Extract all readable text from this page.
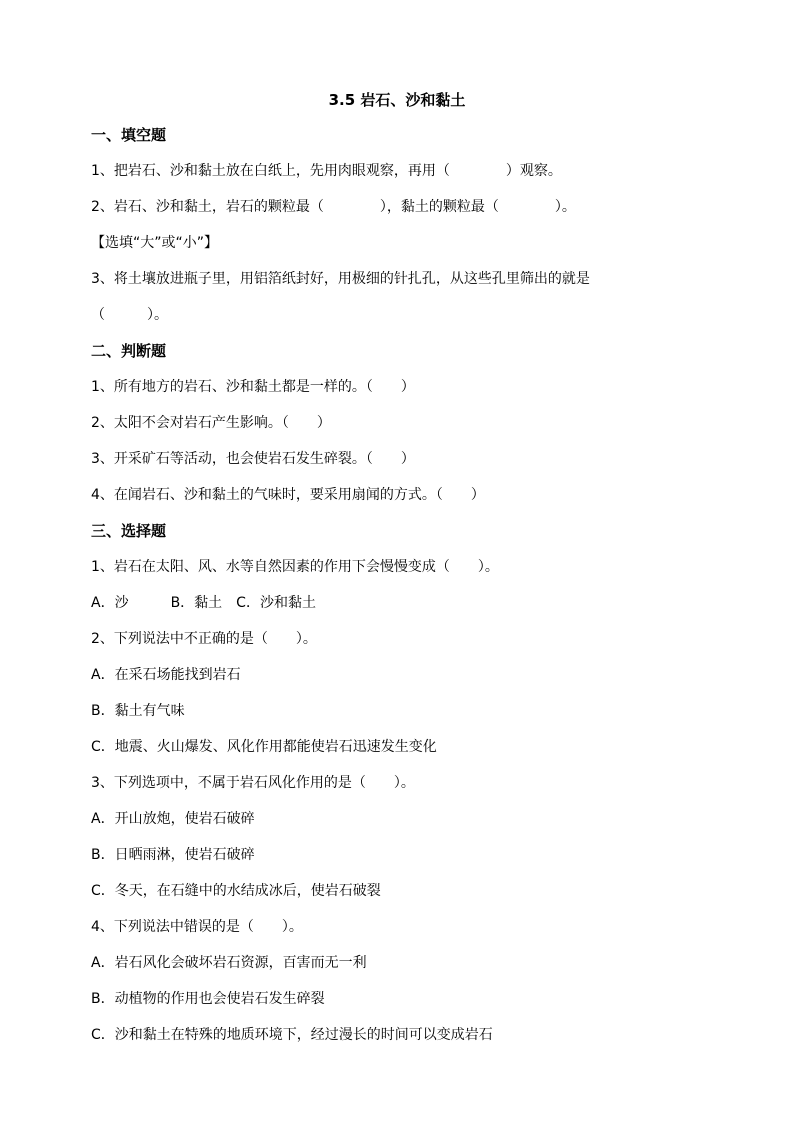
3.5 岩石、沙和黏土
一、填空题
1、把岩石、沙和黏土放在白纸上，先用肉眼观察，再用（　　　　）观察。
2、岩石、沙和黏土，岩石的颗粒最（　　　　），黏土的颗粒最（　　　　）。
【选填“大”或“小”】
3、将土壤放进瓶子里，用铝箔纸封好，用极细的针扎孔，从这些孔里筛出的就是
（　　　）。
二、判断题
1、所有地方的岩石、沙和黏土都是一样的。（　　）
2、太阳不会对岩石产生影响。（　　）
3、开采矿石等活动，也会使岩石发生碎裂。（　　）
4、在闻岩石、沙和黏土的气味时，要采用扇闻的方式。（　　）
三、选择题
1、岩石在太阳、风、水等自然因素的作用下会慢慢变成（　　）。
A．沙　　　B．黏土　C．沙和黏土
2、下列说法中不正确的是（　　）。
A．在采石场能找到岩石
B．黏土有气味
C．地震、火山爆发、风化作用都能使岩石迅速发生变化
3、下列选项中，不属于岩石风化作用的是（　　）。
A．开山放炮，使岩石破碎
B．日晒雨淋，使岩石破碎
C．冬天，在石缝中的水结成冰后，使岩石破裂
4、下列说法中错误的是（　　）。
A．岩石风化会破坏岩石资源，百害而无一利
B．动植物的作用也会使岩石发生碎裂
C．沙和黏土在特殊的地质环境下，经过漫长的时间可以变成岩石
